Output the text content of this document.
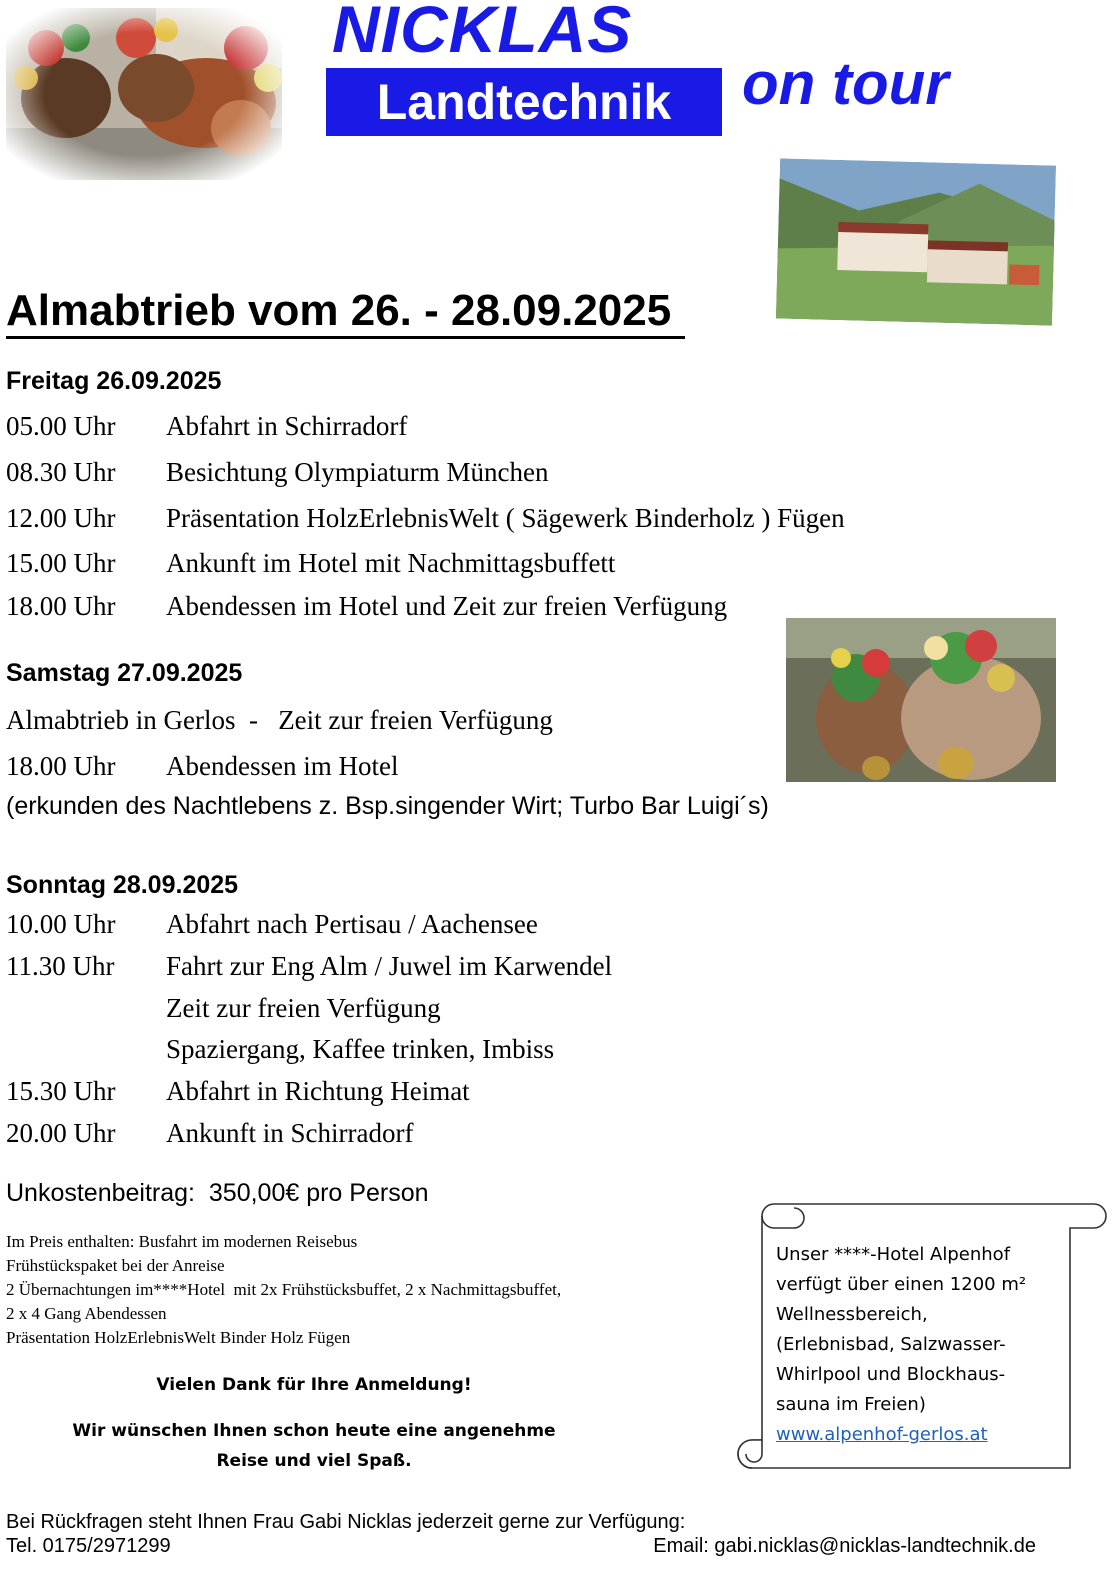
NICKLAS
Landtechnik	on tour
Almabtrieb vom 26. - 28.09.2025
Freitag 26.09.2025
05.00 Uhr Abfahrt in Schirradorf
08.30 Uhr Besichtung Olympiaturm München
12.00 Uhr Präsentation HolzErlebnisWelt ( Sägewerk Binderholz ) Fügen
15.00 Uhr Ankunft im Hotel mit Nachmittagsbuffett
18.00 Uhr Abendessen im Hotel und Zeit zur freien Verfügung
Samstag 27.09.2025
Almabtrieb in Gerlos  -   Zeit zur freien Verfügung
18.00 Uhr Abendessen im Hotel
(erkunden des Nachtlebens z. Bsp.singender Wirt; Turbo Bar Luigi´s)
Sonntag 28.09.2025
10.00 Uhr Abfahrt nach Pertisau / Aachensee
11.30 Uhr Fahrt zur Eng Alm / Juwel im Karwendel
Zeit zur freien Verfügung
Spaziergang, Kaffee trinken, Imbiss
15.30 Uhr Abfahrt in Richtung Heimat
20.00 Uhr Ankunft in Schirradorf
Unkostenbeitrag:  350,00€ pro Person
Im Preis enthalten: Busfahrt im modernen Reisebus
Frühstückspaket bei der Anreise
2 Übernachtungen im****Hotel  mit 2x Frühstücksbuffet, 2 x Nachmittagsbuffet,
2 x 4 Gang Abendessen
Präsentation HolzErlebnisWelt Binder Holz Fügen
Vielen Dank für Ihre Anmeldung!
Wir wünschen Ihnen schon heute eine angenehme
Reise und viel Spaß.
Unser ****-Hotel Alpenhof
verfügt über einen 1200 m²
Wellnessbereich,
(Erlebnisbad, Salzwasser-
Whirlpool und Blockhaus-
sauna im Freien)
www.alpenhof-gerlos.at
Bei Rückfragen steht Ihnen Frau Gabi Nicklas jederzeit gerne zur Verfügung:
Tel. 0175/2971299	Email: gabi.nicklas@nicklas-landtechnik.de
